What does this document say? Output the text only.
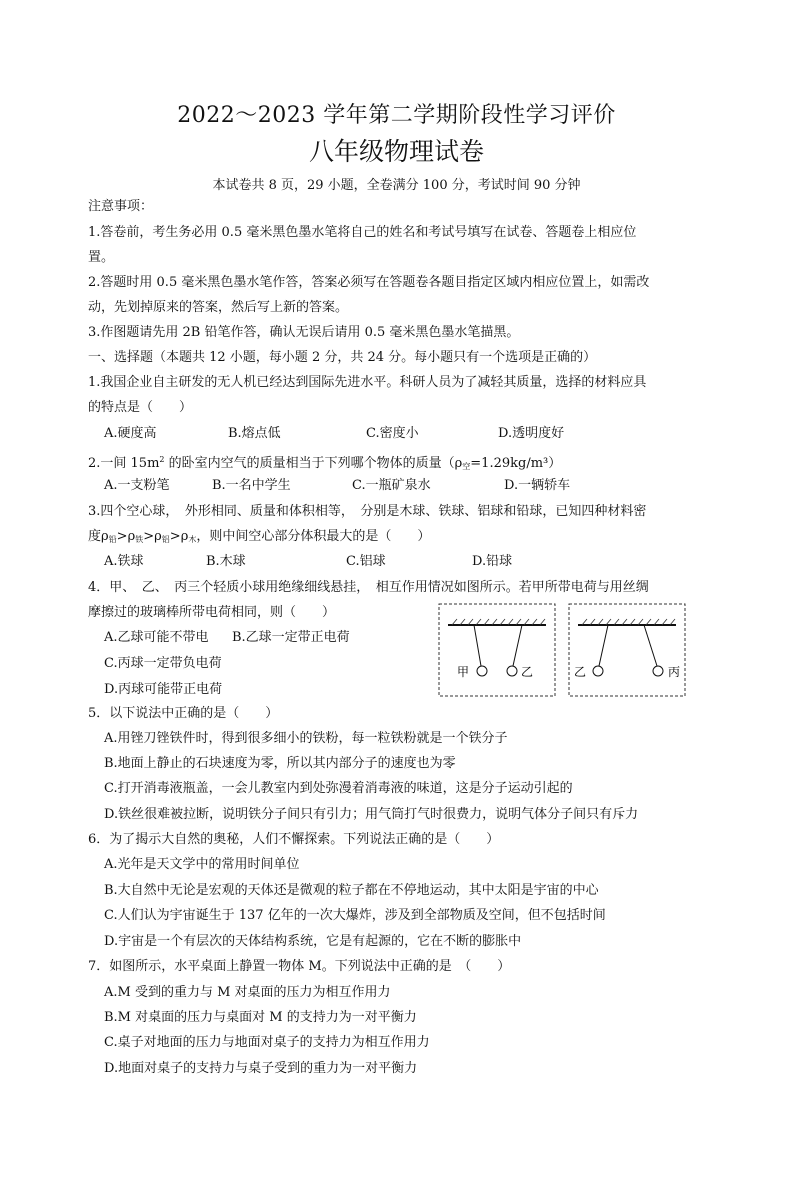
2022～2023 学年第二学期阶段性学习评价
八年级物理试卷
本试卷共 8 页，29 小题，全卷满分 100 分，考试时间 90 分钟
注意事项：
1.答卷前，考生务必用 0.5 毫米黑色墨水笔将自己的姓名和考试号填写在试卷、答题卷上相应位
置。
2.答题时用 0.5 毫米黑色墨水笔作答，答案必须写在答题卷各题目指定区域内相应位置上，如需改
动，先划掉原来的答案，然后写上新的答案。
3.作图题请先用 2B 铅笔作答，确认无误后请用 0.5 毫米黑色墨水笔描黑。
一、选择题（本题共 12 小题，每小题 2 分，共 24 分。每小题只有一个选项是正确的）
1.我国企业自主研发的无人机已经达到国际先进水平。科研人员为了减轻其质量，选择的材料应具
的特点是（　　）
A.硬度高	B.熔点低	C.密度小	D.透明度好
2.一间 $15m^2$ 的卧室内空气的质量相当于下列哪个物体的质量$(\rho_空=1.29kg/m^3)$
A.一支粉笔	B.一名中学生	C.一瓶矿泉水	D.一辆轿车
3.四个空心球，　外形相同、质量和体积相等，　分别是木球、铁球、铝球和铅球，已知四种材料密
度$\rho_铅>\rho_铁>\rho_铝>\rho_木$，则中间空心部分体积最大的是（　　）
A.铁球	B.木球	C.铝球	D.铅球
4．甲、　乙、　丙三个轻质小球用绝缘细线悬挂，　相互作用情况如图所示。若甲所带电荷与用丝绸
摩擦过的玻璃棒所带电荷相同，则（　　）
A.乙球可能不带电 B.乙球一定带正电荷
C.丙球一定带负电荷
D.丙球可能带正电荷
甲	乙	乙	丙
5．以下说法中正确的是（　　）
A.用锉刀锉铁件时，得到很多细小的铁粉，每一粒铁粉就是一个铁分子
B.地面上静止的石块速度为零，所以其内部分子的速度也为零
C.打开消毒液瓶盖，一会儿教室内到处弥漫着消毒液的味道，这是分子运动引起的
D.铁丝很难被拉断，说明铁分子间只有引力；用气筒打气时很费力，说明气体分子间只有斥力
6．为了揭示大自然的奥秘，人们不懈探索。下列说法正确的是（　　）
A.光年是天文学中的常用时间单位
B.大自然中无论是宏观的天体还是微观的粒子都在不停地运动，其中太阳是宇宙的中心
C.人们认为宇宙诞生于 137 亿年的一次大爆炸，涉及到全部物质及空间，但不包括时间
D.宇宙是一个有层次的天体结构系统，它是有起源的，它在不断的膨胀中
7．如图所示，水平桌面上静置一物体 M。下列说法中正确的是　（　　）
A.M 受到的重力与 M 对桌面的压力为相互作用力
B.M 对桌面的压力与桌面对 M 的支持力为一对平衡力
C.桌子对地面的压力与地面对桌子的支持力为相互作用力
D.地面对桌子的支持力与桌子受到的重力为一对平衡力
